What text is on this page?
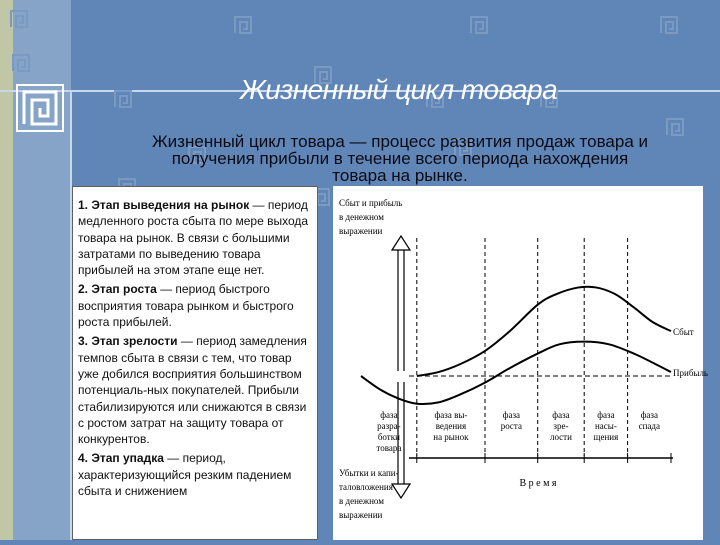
Жизненный цикл товара
Жизненный цикл товара — процесс развития продаж товара и
получения прибыли в течение всего периода нахождения
товара на рынке.

1. Этап выведения на рынок — период медленного роста сбыта по мере выхода товара на рынок. В связи с большими затратами по выведению товара прибылей на этом этапе еще нет.

2. Этап роста — период быстрого восприятия товара рынком и быстрого роста прибылей.

3. Этап зрелости — период замедления темпов сбыта в связи с тем, что товар уже добился восприятия большинством потенциаль-ных покупателей. Прибыли стабилизируются или снижаются в связи с ростом затрат на защиту товара от конкурентов.

4. Этап упадка — период, характеризующийся резким падением сбыта и снижением

Сбыт и прибыль
в денежном
выражении
Убытки и капи-
таловложения
в денежном
выражении
Сбыт
Прибыль
фаза
разра-
ботки
товара
фаза вы-
ведения
на рынок
фаза
роста
фаза
зре-
лости
фаза
насы-
щения
фаза
спада
В р е м я
